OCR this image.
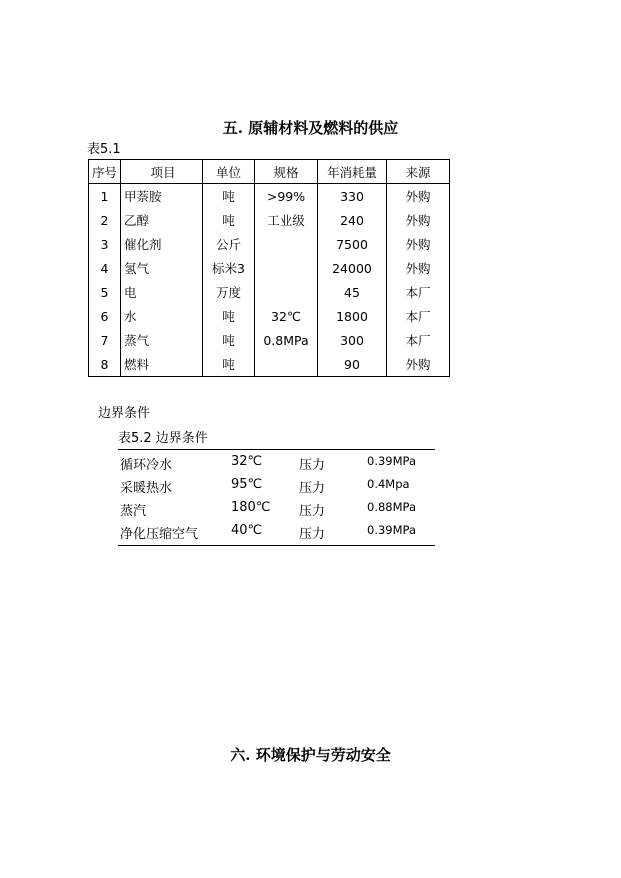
五. 原辅材料及燃料的供应
表5.1
序号	项目	单位	规格	年消耗量	来源
1	甲萘胺	吨	>99%	330	外购
2	乙醇	吨	工业级	240	外购
3	催化剂	公斤		7500	外购
4	氢气	标米3		24000	外购
5	电	万度		45	本厂
6	水	吨	32℃	1800	本厂
7	蒸气	吨	0.8MPa	300	本厂
8	燃料	吨		90	外购
边界条件
表5.2 边界条件
循环冷水	32℃	压力	0.39MPa
采暖热水	95℃	压力	0.4Mpa
蒸汽	180℃ 压力	0.88MPa
净化压缩空气	40℃	压力	0.39MPa
六. 环境保护与劳动安全
